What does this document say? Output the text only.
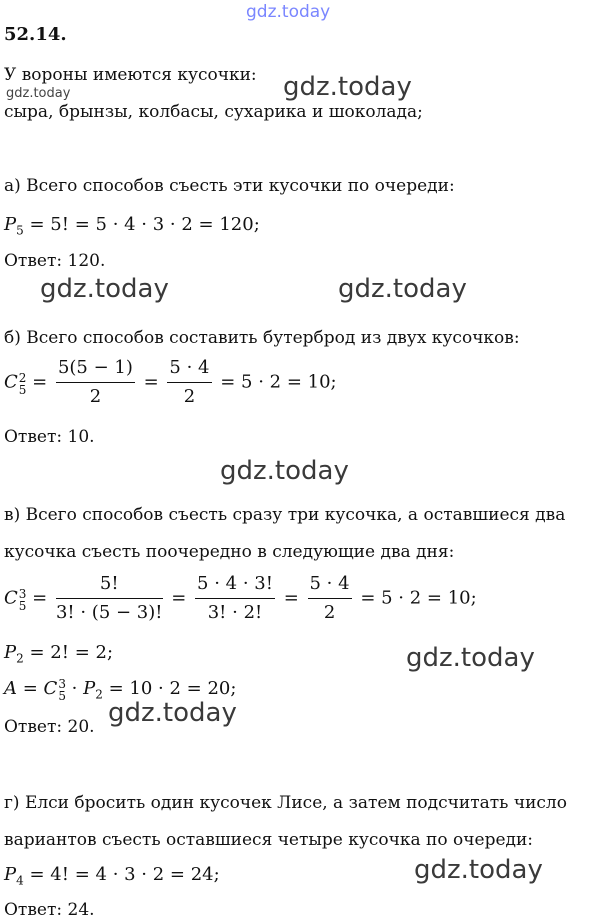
gdz.today
52.14.
У вороны имеются кусочки: gdz.today
gdz.today
сыра, брынзы, колбасы, сухарика и шоколада;
а) Всего способов съесть эти кусочки по очереди:
$P_5 = 5$! = 5 · 4 · 3 · 2 = 120;
Ответ: 120.
gdz.today	gdz.today
б) Всего способов составить бутерброд из двух кусочков:
C 2
$5 = \frac{5(5 - 1)}{2} = \frac{5 \cdot 4}{2} = 5 \cdot 2 = 10$;
Ответ: 10.
gdz.today
в) Всего способов съесть сразу три кусочка, а оставшиеся два
кусочка съесть поочередно в следующие два дня:
C 3
$5 = \frac{5!}{3! \cdot (5 - 3)!} = \frac{5 \cdot 4 \cdot 3!}{3! \cdot 2!} = \frac{5 \cdot 4}{2} = 5 \cdot 2 = 10$;
$P_2 = 2$! = 2;	gdz.today
A = C 3
$5 \cdot P_2 = 10 \cdot 2 = 20$;
gdz.today
Ответ: 20.
г) Елси бросить один кусочек Лисе, а затем подсчитать число
вариантов съесть оставшиеся четыре кусочка по очереди:
gdz.today
$P_4 = 4$! = 4 · 3 · 2 = 24;
Ответ: 24.
